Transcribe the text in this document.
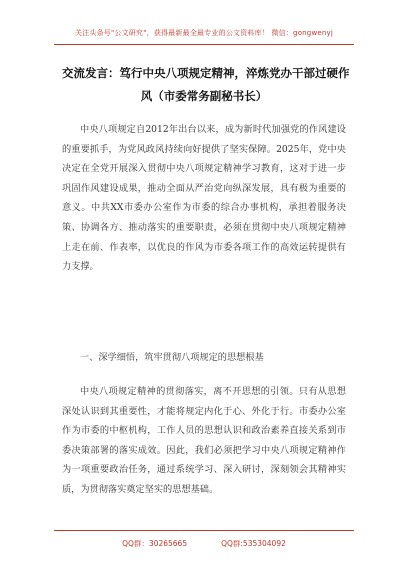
关注头条号"公文研究"，获得最新最全最专业的公文资料库！ 微信：gongwenyj
交流发言：笃行中央八项规定精神，淬炼党办干部过硬作
风（市委常务副秘书长）

中央八项规定自2012年出台以来，成为新时代加强党的作风建设的重要抓手，为党风政风持续向好提供了坚实保障。2025年，党中央决定在全党开展深入贯彻中央八项规定精神学习教育，这对于进一步巩固作风建设成果，推动全面从严治党向纵深发展，具有极为重要的意义。中共XX市委办公室作为市委的综合办事机构，承担着服务决策、协调各方、推动落实的重要职责，必须在贯彻中央八项规定精神上走在前、作表率，以优良的作风为市委各项工作的高效运转提供有力支撑。

一、深学细悟，筑牢贯彻八项规定的思想根基

中央八项规定精神的贯彻落实，离不开思想的引领。只有从思想深处认识到其重要性，才能将规定内化于心、外化于行。市委办公室作为市委的中枢机构，工作人员的思想认识和政治素养直接关系到市委决策部署的落实成效。因此，我们必须把学习中央八项规定精神作为一项重要政治任务，通过系统学习、深入研讨，深刻领会其精神实质，为贯彻落实奠定坚实的思想基础。

QQ群：30265665	QQ群:535304092
